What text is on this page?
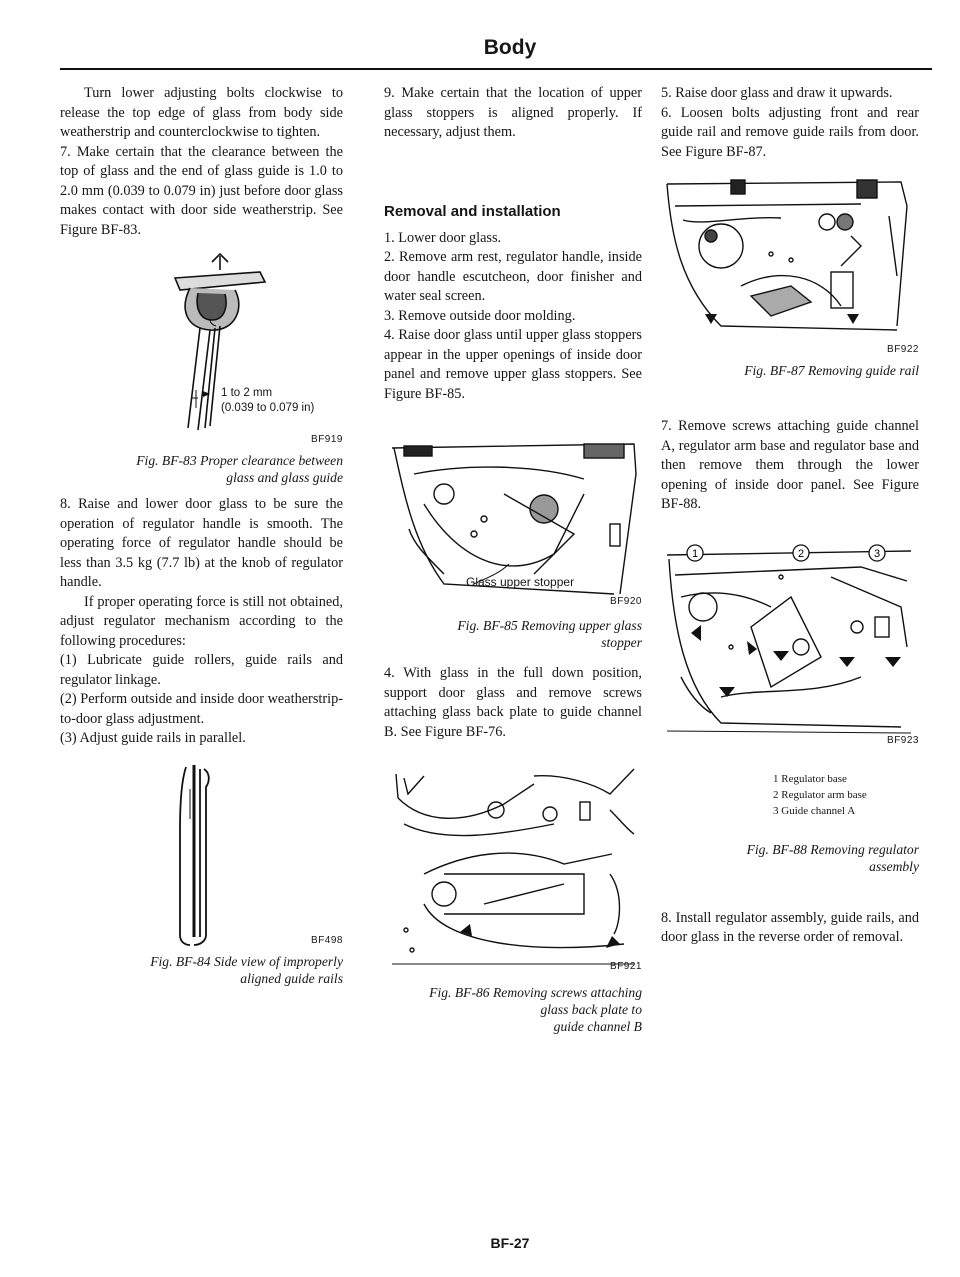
Body

Turn lower adjusting bolts clockwise to release the top edge of glass from body side weatherstrip and counterclockwise to tighten.

7. Make certain that the clearance between the top of glass and the end of glass guide is 1.0 to 2.0 mm (0.039 to 0.079 in) just before door glass makes contact with door side weatherstrip. See Figure BF-83.

1 to 2 mm
(0.039 to 0.079 in)
BF919
Fig. BF-83 Proper clearance between
glass and glass guide

8. Raise and lower door glass to be sure the operation of regulator handle is smooth. The operating force of regulator handle should be less than 3.5 kg (7.7 lb) at the knob of regulator handle.

If proper operating force is still not obtained, adjust regulator mechanism according to the following procedures:

(1) Lubricate guide rollers, guide rails and regulator linkage.

(2) Perform outside and inside door weatherstrip-to-door glass adjustment.

(3) Adjust guide rails in parallel.

BF498
Fig. BF-84 Side view of improperly
aligned guide rails

9. Make certain that the location of upper glass stoppers is aligned properly. If necessary, adjust them.

Removal and installation

1. Lower door glass.

2. Remove arm rest, regulator handle, inside door handle escutcheon, door finisher and water seal screen.

3. Remove outside door molding.

4. Raise door glass until upper glass stoppers appear in the upper openings of inside door panel and remove upper glass stoppers. See Figure BF-85.

Glass upper stopper
BF920
Fig. BF-85 Removing upper glass
stopper

4. With glass in the full down position, support door glass and remove screws attaching glass back plate to guide channel B. See Figure BF-76.

BF921
Fig. BF-86 Removing screws attaching
glass back plate to
guide channel B

5. Raise door glass and draw it upwards.

6. Loosen bolts adjusting front and rear guide rail and remove guide rails from door. See Figure BF-87.

BF922
Fig. BF-87 Removing guide rail

7. Remove screws attaching guide channel A, regulator arm base and regulator base and then remove them through the lower opening of inside door panel. See Figure BF-88.

1	2	3
BF923
1 Regulator base
2 Regulator arm base
3 Guide channel A
Fig. BF-88 Removing regulator
assembly

8. Install regulator assembly, guide rails, and door glass in the reverse order of removal.

BF-27
